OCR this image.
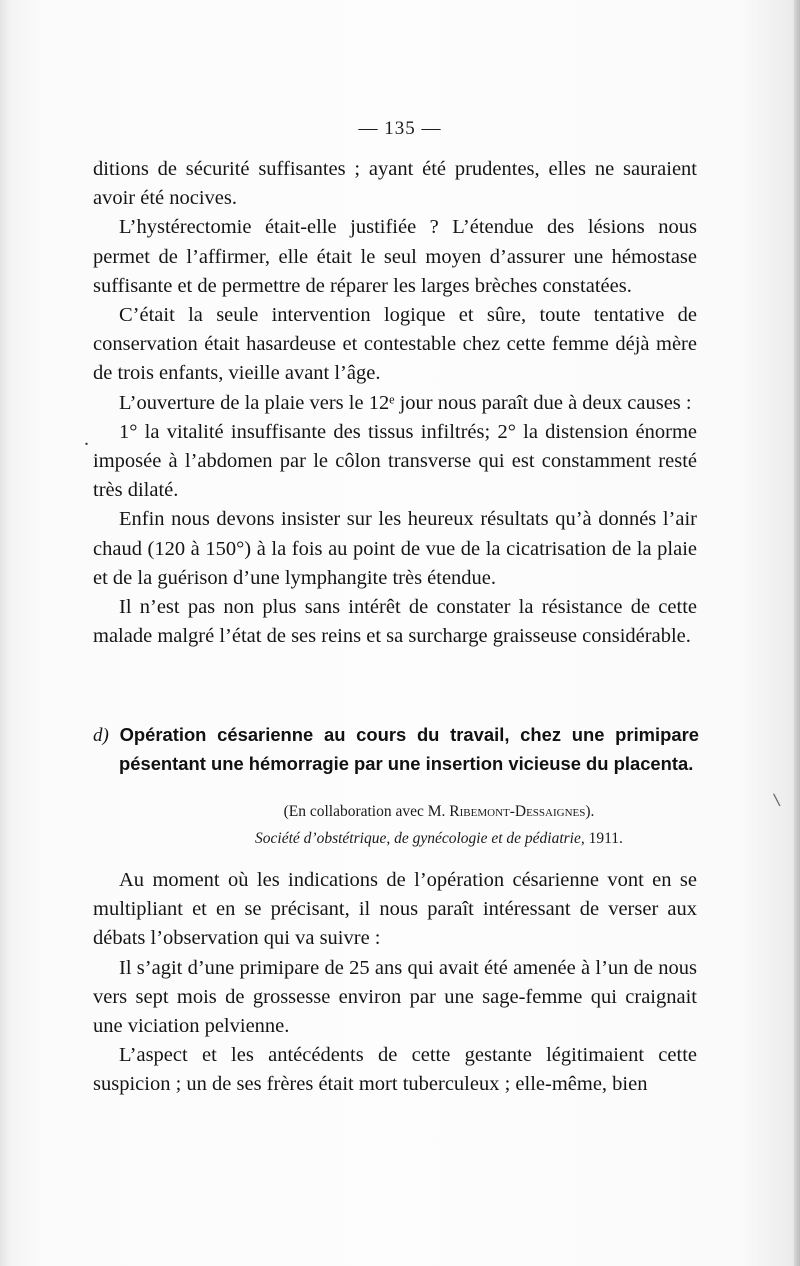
— 135 —

ditions de sécurité suffisantes ; ayant été prudentes, elles ne sauraient avoir été nocives.

L’hystérectomie était-elle justifiée ? L’étendue des lésions nous permet de l’affirmer, elle était le seul moyen d’assurer une hémostase suffisante et de permettre de réparer les larges brèches constatées.

C’était la seule intervention logique et sûre, toute tentative de conservation était hasardeuse et contestable chez cette femme déjà mère de trois enfants, vieille avant l’âge.

L’ouverture de la plaie vers le 12ᵉ jour nous paraît due à deux causes :

1° la vitalité insuffisante des tissus infiltrés; 2° la distension énorme imposée à l’abdomen par le côlon transverse qui est constamment resté très dilaté.

Enfin nous devons insister sur les heureux résultats qu’à donnés l’air chaud (120 à 150°) à la fois au point de vue de la cicatrisation de la plaie et de la guérison d’une lymphangite très étendue.

Il n’est pas non plus sans intérêt de constater la résistance de cette malade malgré l’état de ses reins et sa surcharge graisseuse considérable.

d) Opération césarienne au cours du travail, chez une primipare pésentant une hémorragie par une insertion vicieuse du placenta.
(En collaboration avec M. Ribemont-Dessaignes).
Société d’obstétrique, de gynécologie et de pédiatrie, 1911.

Au moment où les indications de l’opération césarienne vont en se multipliant et en se précisant, il nous paraît intéressant de verser aux débats l’observation qui va suivre :

Il s’agit d’une primipare de 25 ans qui avait été amenée à l’un de nous vers sept mois de grossesse environ par une sage-femme qui craignait une viciation pelvienne.

L’aspect et les antécédents de cette gestante légitimaient cette suspicion ; un de ses frères était mort tuberculeux ; elle-même, bien

\
.
